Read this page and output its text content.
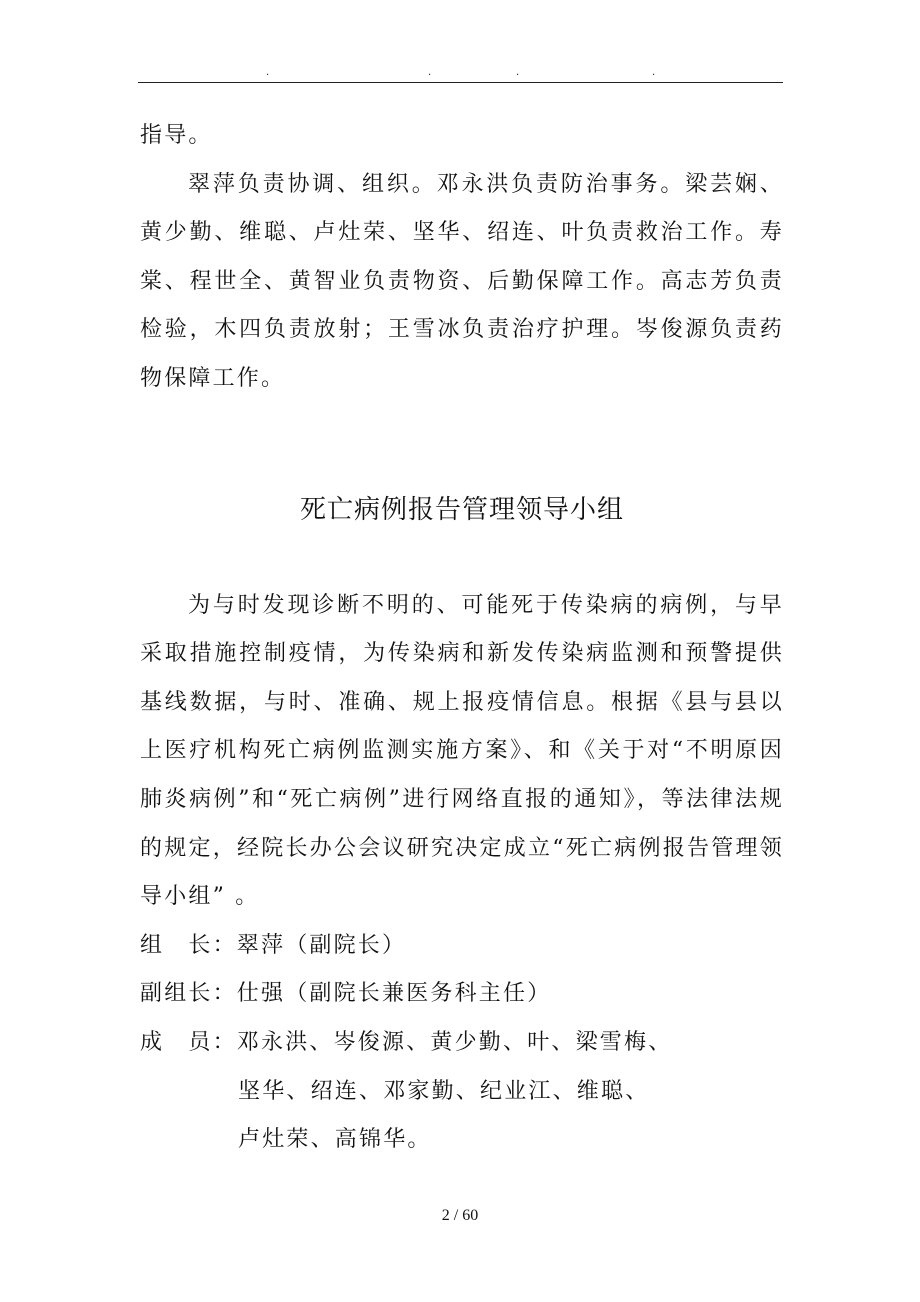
.	.	.	.

指导。

翠萍负责协调、组织。邓永洪负责防治事务。梁芸娴、黄少勤、维聪、卢灶荣、坚华、绍连、叶负责救治工作。寿棠、程世全、黄智业负责物资、后勤保障工作。高志芳负责检验，木四负责放射；王雪冰负责治疗护理。岑俊源负责药物保障工作。

死亡病例报告管理领导小组

为与时发现诊断不明的、可能死于传染病的病例，与早采取措施控制疫情，为传染病和新发传染病监测和预警提供基线数据，与时、准确、规上报疫情信息。根据《县与县以上医疗机构死亡病例监测实施方案》、和《关于对“不明原因肺炎病例”和“死亡病例”进行网络直报的通知》，等法律法规的规定，经院长办公会议研究决定成立“死亡病例报告管理领导小组” 。

组　长：翠萍（副院长）

副组长：仕强（副院长兼医务科主任）

成　员：邓永洪、岑俊源、黄少勤、叶、梁雪梅、

坚华、绍连、邓家勤、纪业江、维聪、

卢灶荣、高锦华。

2 / 60
